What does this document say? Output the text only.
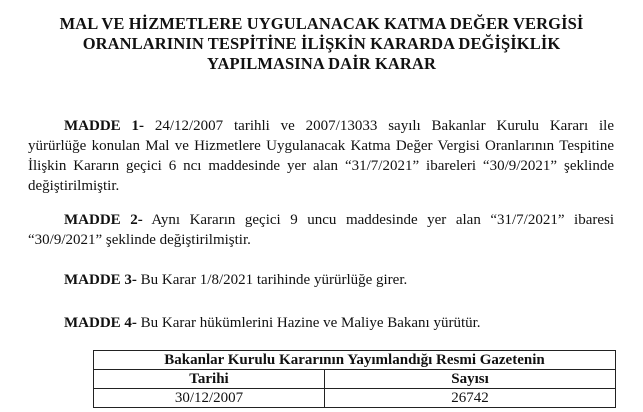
MAL VE HİZMETLERE UYGULANACAK KATMA DEĞER VERGİSİ
ORANLARININ TESPİTİNE İLİŞKİN KARARDA DEĞİŞİKLİK
YAPILMASINA DAİR KARAR
MADDE 1- 24/12/2007 tarihli ve 2007/13033 sayılı Bakanlar Kurulu Kararı ile
yürürlüğe konulan Mal ve Hizmetlere Uygulanacak Katma Değer Vergisi Oranlarının Tespitine
İlişkin Kararın geçici 6 ncı maddesinde yer alan “31/7/2021” ibareleri “30/9/2021” şeklinde
değiştirilmiştir.
MADDE 2- Aynı Kararın geçici 9 uncu maddesinde yer alan “31/7/2021” ibaresi
“30/9/2021” şeklinde değiştirilmiştir.
MADDE 3- Bu Karar 1/8/2021 tarihinde yürürlüğe girer.
MADDE 4- Bu Karar hükümlerini Hazine ve Maliye Bakanı yürütür.
Bakanlar Kurulu Kararının Yayımlandığı Resmi Gazetenin	
Tarihi	Sayısı
30/12/2007	26742
